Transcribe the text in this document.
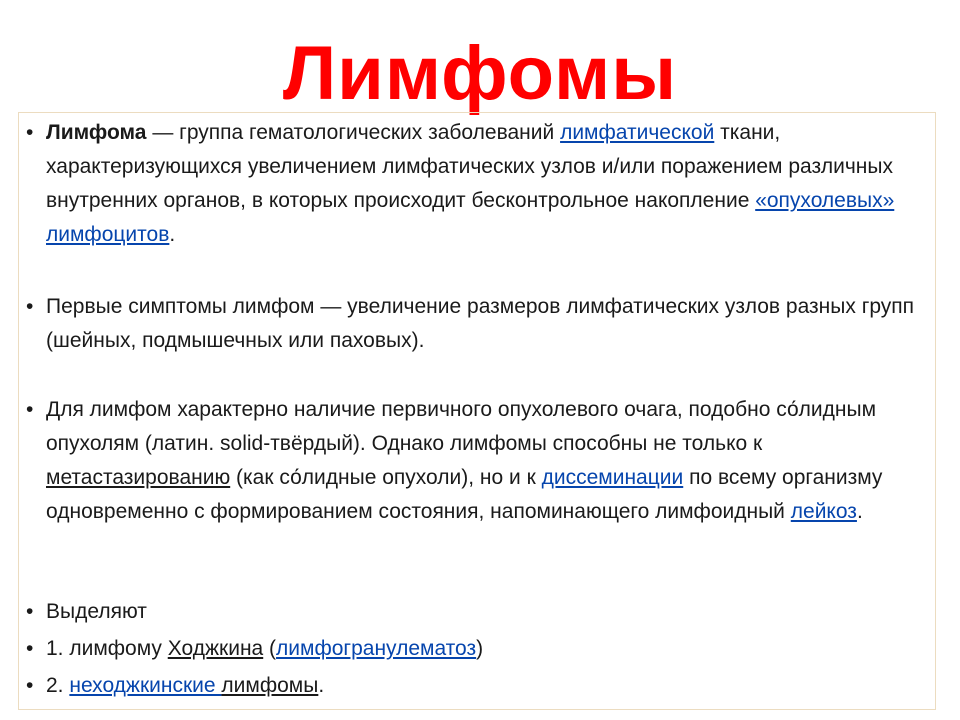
Лимфомы
• Лимфома — группа гематологических заболеваний лимфатической ткани, характеризующихся увеличением лимфатических узлов и/или поражением различных внутренних органов, в которых происходит бесконтрольное накопление «опухолевых» лимфоцитов.
• Первые симптомы лимфом — увеличение размеров лимфатических узлов разных групп (шейных, подмышечных или паховых).
• Для лимфом характерно наличие первичного опухолевого очага, подобно со́лидным опухолям (латин. solid-твёрдый). Однако лимфомы способны не только к метастазированию (как со́лидные опухоли), но и к диссеминации по всему организму одновременно с формированием состояния, напоминающего лимфоидный лейкоз.
• Выделяют
• 1. лимфому Ходжкина (лимфогранулематоз)
• 2. неходжкинские лимфомы.
